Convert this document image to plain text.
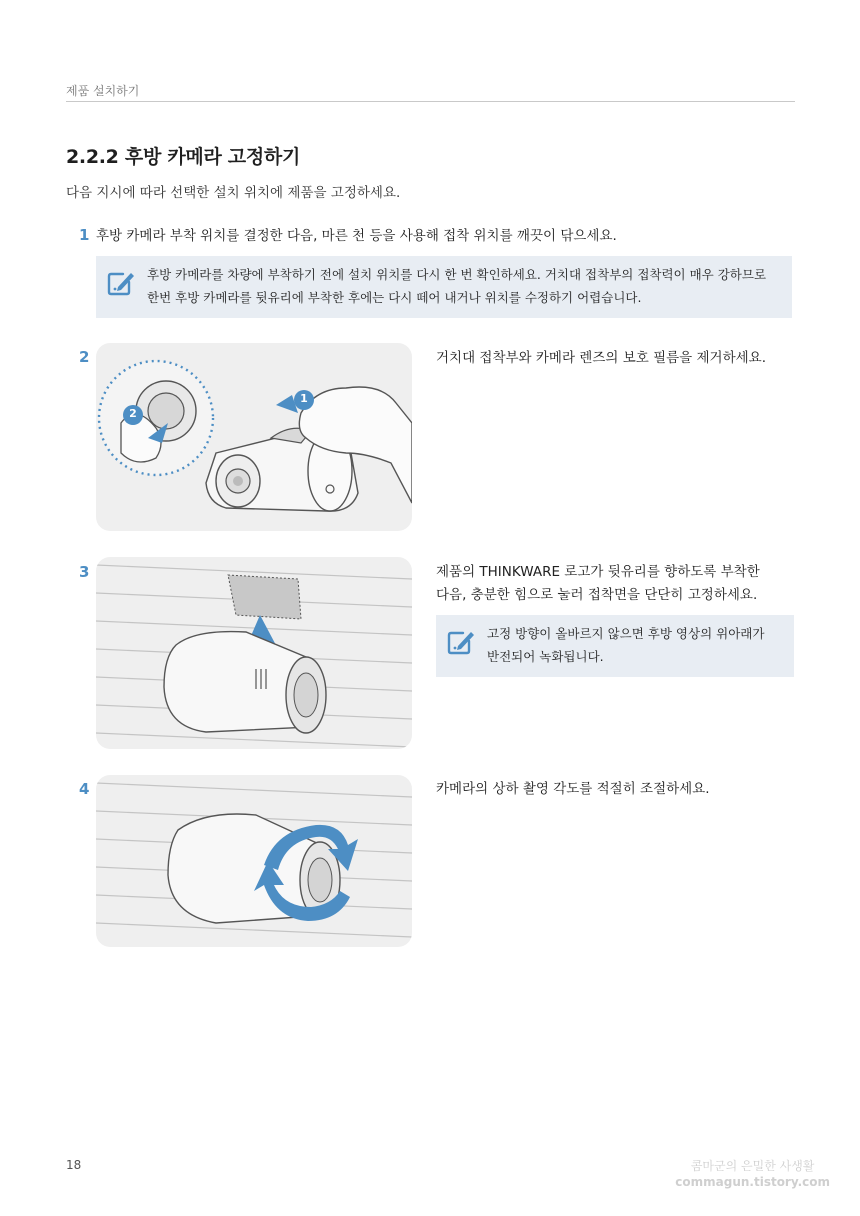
제품 설치하기
2.2.2 후방 카메라 고정하기
다음 지시에 따라 선택한 설치 위치에 제품을 고정하세요.
1 후방 카메라 부착 위치를 결정한 다음, 마른 천 등을 사용해 접착 위치를 깨끗이 닦으세요.
후방 카메라를 차량에 부착하기 전에 설치 위치를 다시 한 번 확인하세요. 거치대 접착부의 접착력이 매우 강하므로
한번 후방 카메라를 뒷유리에 부착한 후에는 다시 떼어 내거나 위치를 수정하기 어렵습니다.
2
1
2
거치대 접착부와 카메라 렌즈의 보호 필름을 제거하세요.
3	제품의 THINKWARE 로고가 뒷유리를 향하도록 부착한
다음, 충분한 힘으로 눌러 접착면을 단단히 고정하세요.
고정 방향이 올바르지 않으면 후방 영상의 위아래가
반전되어 녹화됩니다.
4	카메라의 상하 촬영 각도를 적절히 조절하세요.
18	콤마군의 은밀한 사생활
commagun.tistory.com
